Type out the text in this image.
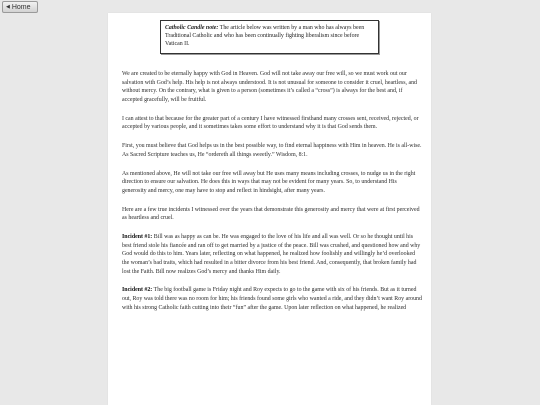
◀ Home
Catholic Candle note: The article below was written by a man who has always been Traditional Catholic and who has been continually fighting liberalism since before Vatican II.

We are created to be eternally happy with God in Heaven. God will not take away our free will, so we must work out our salvation with God’s help. His help is not always understood. It is not unusual for someone to consider it cruel, heartless, and without mercy. On the contrary, what is given to a person (sometimes it’s called a “cross”) is always for the best and, if accepted gracefully, will be fruitful.

I can attest to that because for the greater part of a century I have witnessed firsthand many crosses sent, received, rejected, or accepted by various people, and it sometimes takes some effort to understand why it is that God sends them.

First, you must believe that God helps us in the best possible way, to find eternal happiness with Him in heaven. He is all-wise. As Sacred Scripture teaches us, He “ordereth all things sweetly.” Wisdom, 8:1.

As mentioned above, He will not take our free will away but He uses many means including crosses, to nudge us in the right direction to ensure our salvation. He does this in ways that may not be evident for many years. So, to understand His generosity and mercy, one may have to stop and reflect in hindsight, after many years.

Here are a few true incidents I witnessed over the years that demonstrate this generosity and mercy that were at first perceived as heartless and cruel.

Incident #1: Bill was as happy as can be. He was engaged to the love of his life and all was well. Or so he thought until his best friend stole his fiancée and ran off to get married by a justice of the peace. Bill was crushed, and questioned how and why God would do this to him. Years later, reflecting on what happened, he realized how foolishly and willingly he’d overlooked the woman’s bad traits, which had resulted in a bitter divorce from his best friend. And, consequently, that broken family had lost the Faith. Bill now realizes God’s mercy and thanks Him daily.

Incident #2: The big football game is Friday night and Roy expects to go to the game with six of his friends. But as it turned out, Roy was told there was no room for him; his friends found some girls who wanted a ride, and they didn’t want Roy around with his strong Catholic faith cutting into their “fun” after the game. Upon later reflection on what happened, he realized
